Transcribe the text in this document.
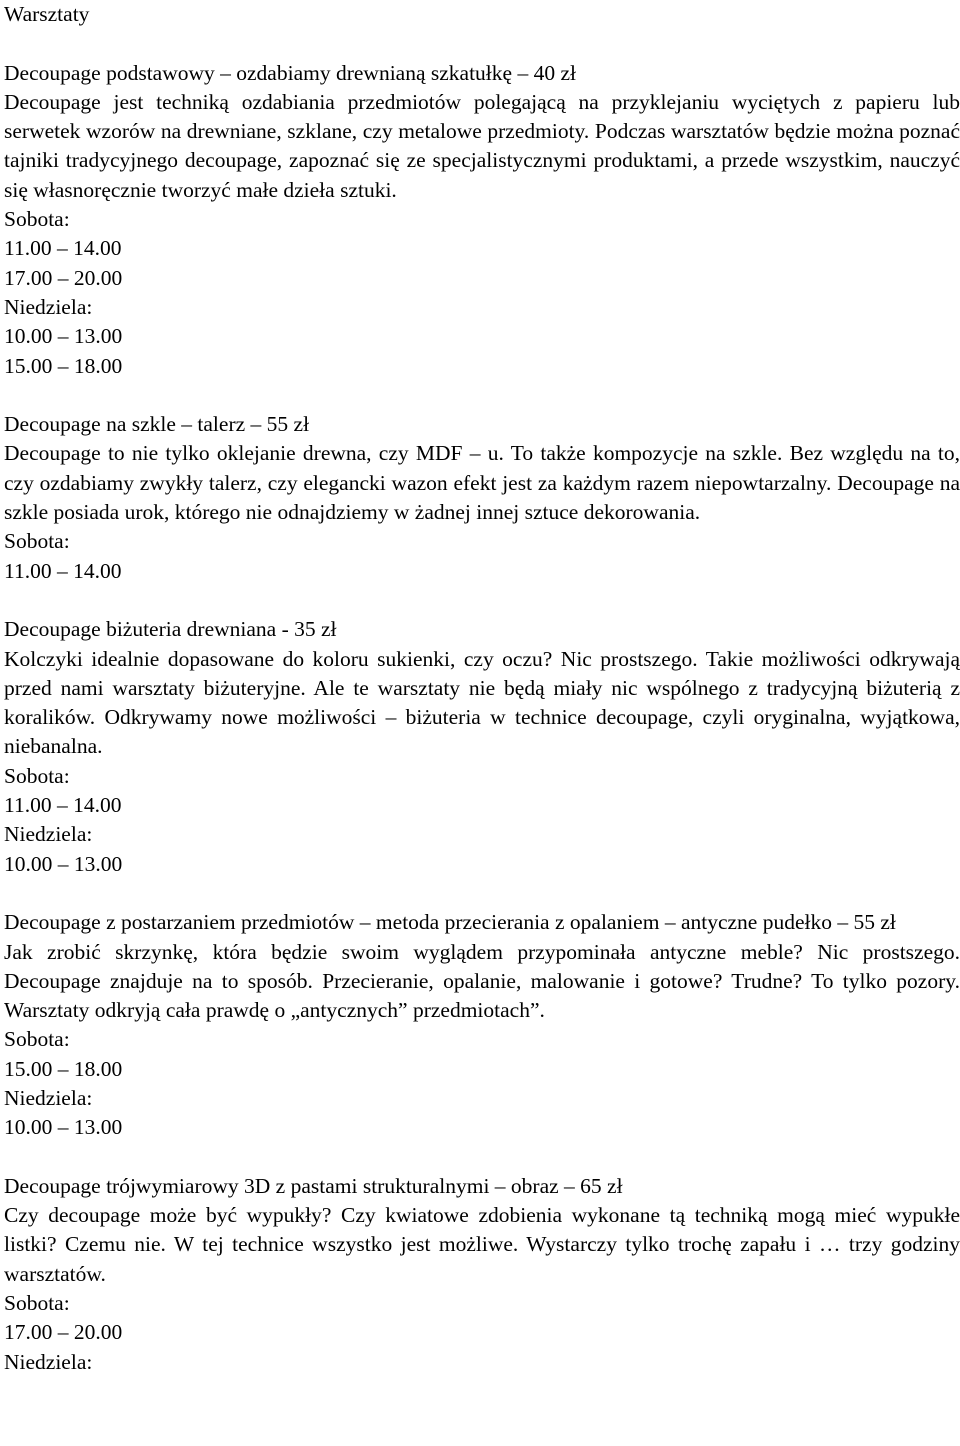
Warsztaty

Decoupage podstawowy – ozdabiamy drewnianą szkatułkę – 40 zł

Decoupage jest techniką ozdabiania przedmiotów polegającą na przyklejaniu wyciętych z papieru lub serwetek wzorów na drewniane, szklane, czy metalowe przedmioty. Podczas warsztatów będzie można poznać tajniki tradycyjnego decoupage, zapoznać się ze specjalistycznymi produktami, a przede wszystkim, nauczyć się własnoręcznie tworzyć małe dzieła sztuki.

Sobota:
11.00 – 14.00
17.00 – 20.00
Niedziela:
10.00 – 13.00
15.00 – 18.00

Decoupage na szkle – talerz – 55 zł

Decoupage to nie tylko oklejanie drewna, czy MDF – u. To także kompozycje na szkle. Bez względu na to, czy ozdabiamy zwykły talerz, czy elegancki wazon efekt jest za każdym razem niepowtarzalny. Decoupage na szkle posiada urok, którego nie odnajdziemy w żadnej innej sztuce dekorowania.

Sobota:
11.00 – 14.00

Decoupage biżuteria drewniana - 35 zł

Kolczyki idealnie dopasowane do koloru sukienki, czy oczu? Nic prostszego. Takie możliwości odkrywają przed nami warsztaty biżuteryjne. Ale te warsztaty nie będą miały nic wspólnego z tradycyjną biżuterią z koralików. Odkrywamy nowe możliwości – biżuteria w technice decoupage, czyli oryginalna, wyjątkowa, niebanalna.

Sobota:
11.00 – 14.00
Niedziela:
10.00 – 13.00

Decoupage z postarzaniem przedmiotów – metoda przecierania z opalaniem – antyczne pudełko – 55 zł

Jak zrobić skrzynkę, która będzie swoim wyglądem przypominała antyczne meble? Nic prostszego. Decoupage znajduje na to sposób. Przecieranie, opalanie, malowanie i gotowe? Trudne? To tylko pozory. Warsztaty odkryją cała prawdę o „antycznych” przedmiotach”.

Sobota:
15.00 – 18.00
Niedziela:
10.00 – 13.00

Decoupage trójwymiarowy 3D z pastami strukturalnymi – obraz – 65 zł

Czy decoupage może być wypukły? Czy kwiatowe zdobienia wykonane tą techniką mogą mieć wypukłe listki? Czemu nie. W tej technice wszystko jest możliwe. Wystarczy tylko trochę zapału i … trzy godziny warsztatów.

Sobota:
17.00 – 20.00
Niedziela:
